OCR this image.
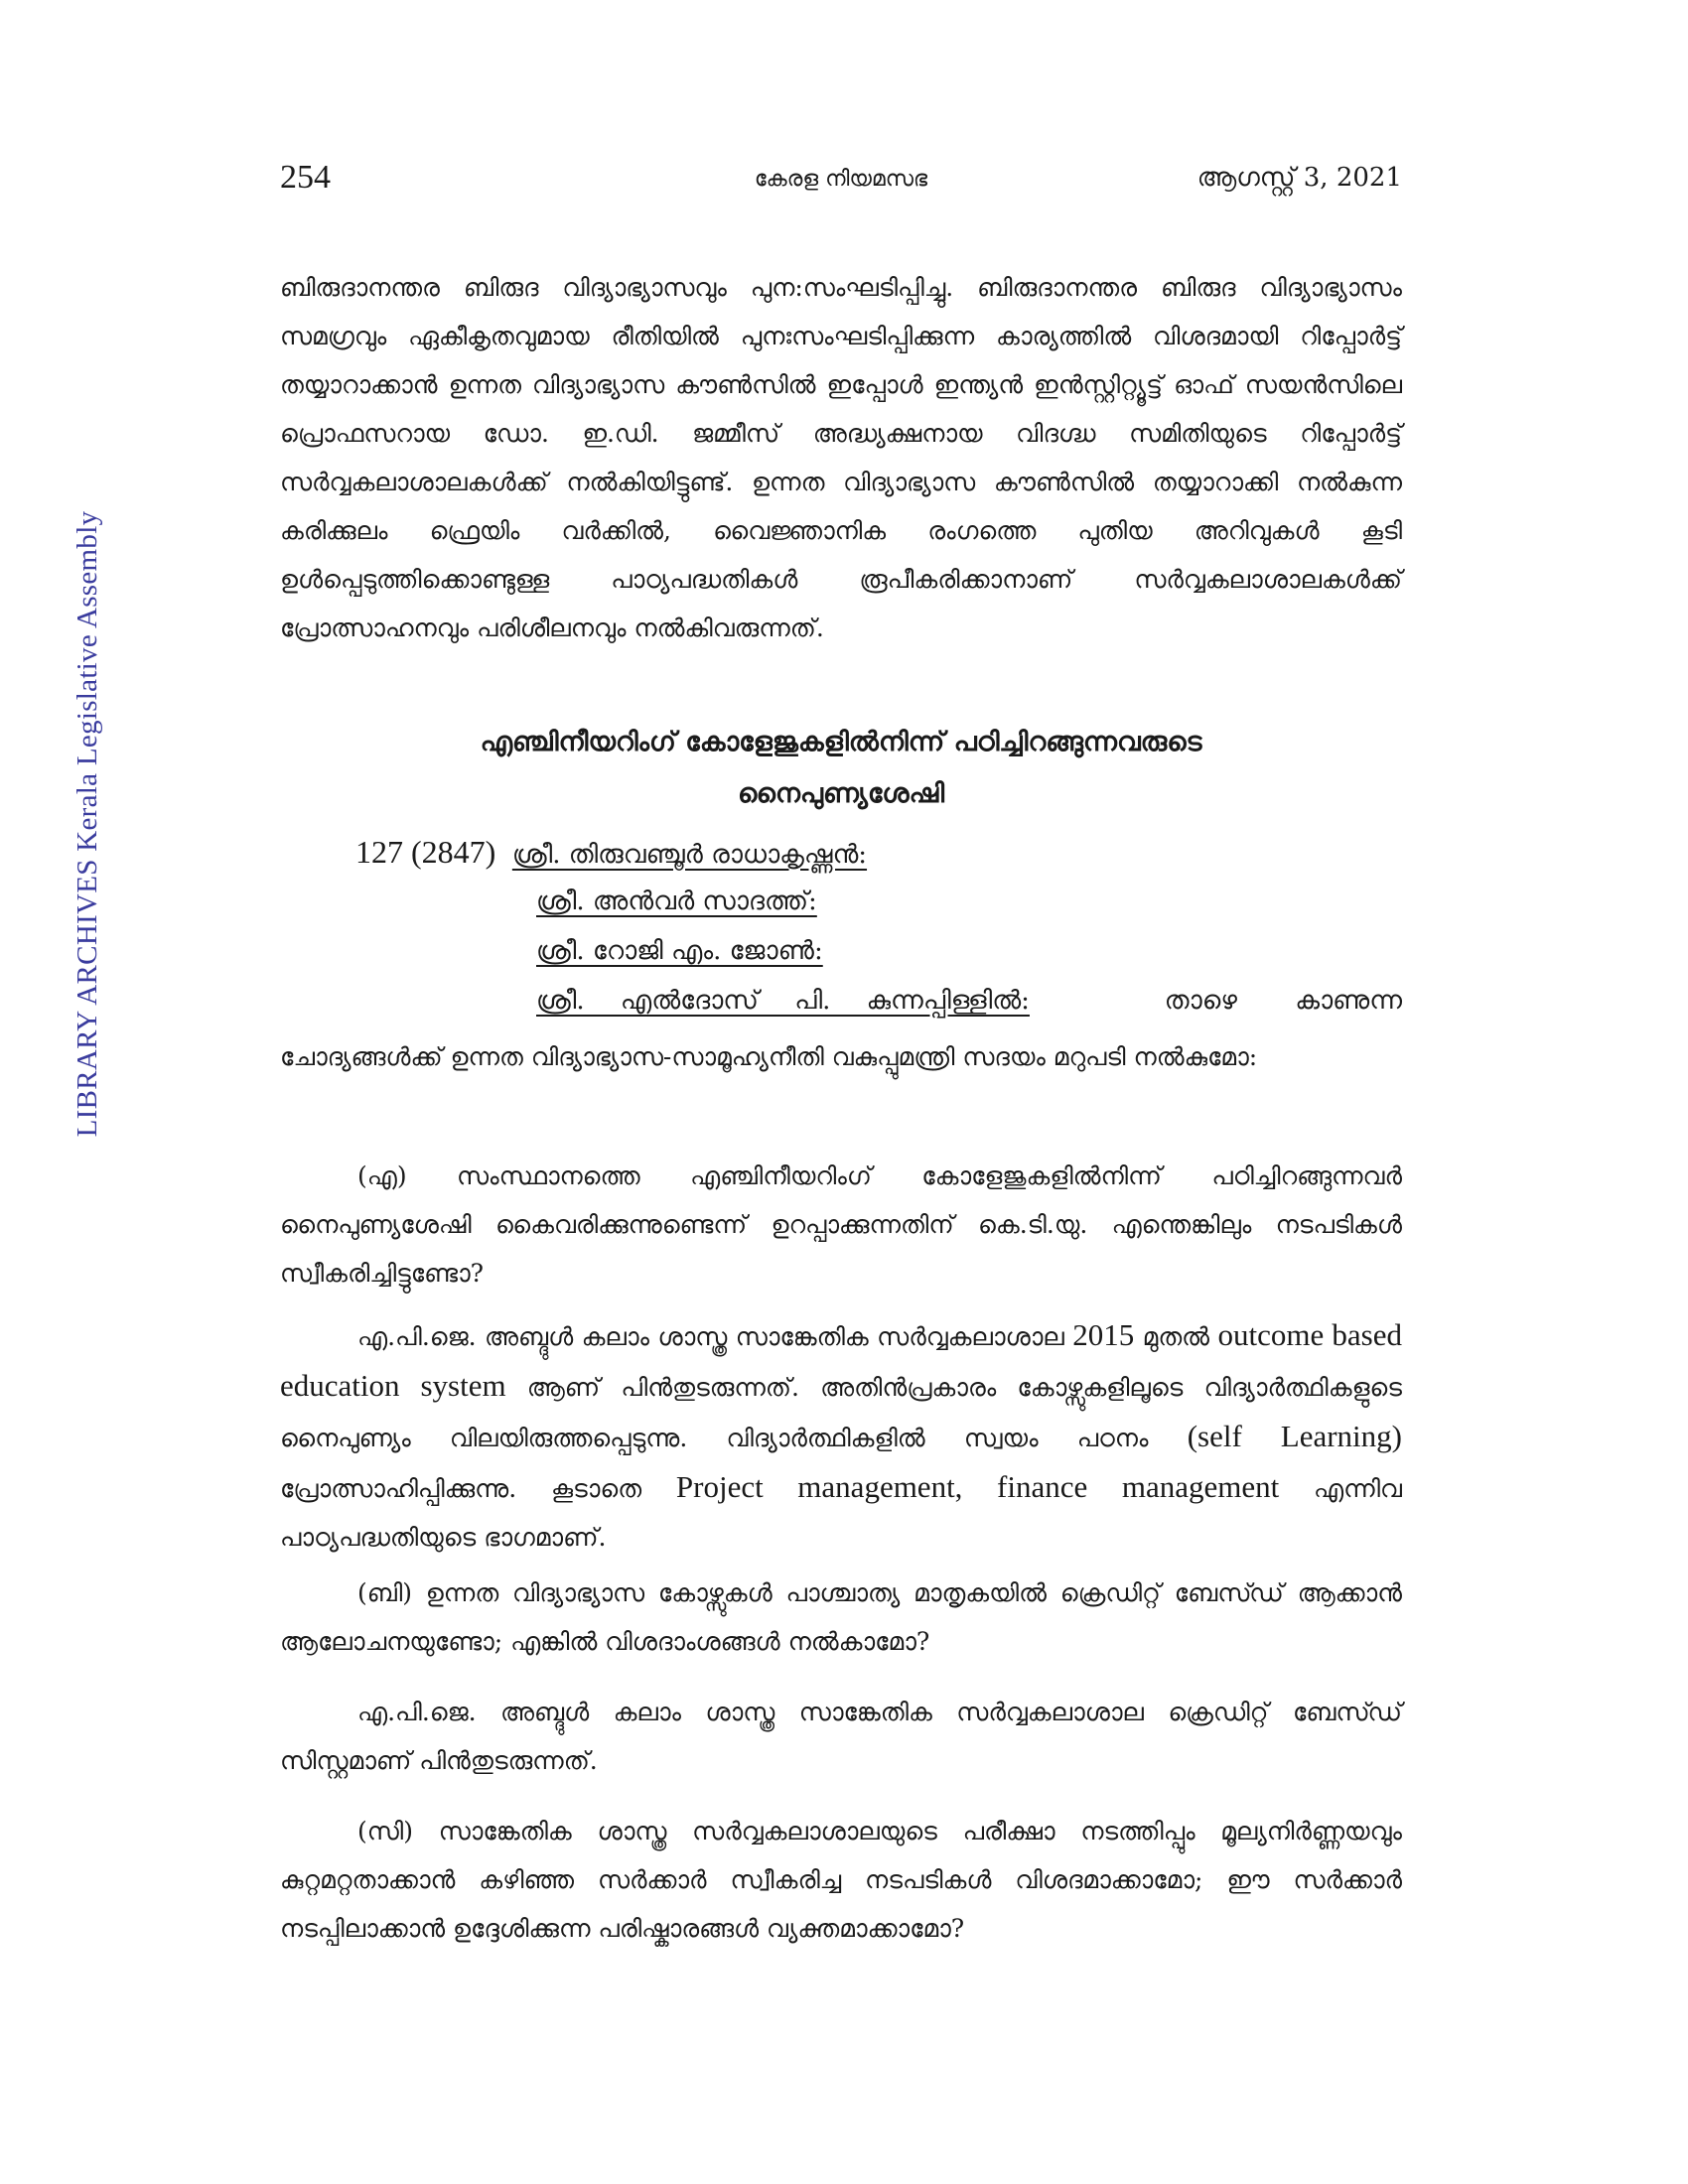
LIBRARY ARCHIVES Kerala Legislative Assembly
254	കേരള നിയമസഭ	ആഗസ്റ്റ് 3, 2021

ബിരുദാനന്തര ബിരുദ വിദ്യാഭ്യാസവും പുന:സംഘടിപ്പിച്ചു. ബിരുദാനന്തര ബിരുദ വിദ്യാഭ്യാസം സമഗ്രവും ഏകീകൃതവുമായ രീതിയിൽ പുനഃസംഘടിപ്പിക്കുന്ന കാര്യത്തിൽ വിശദമായി റിപ്പോർട്ട് തയ്യാറാക്കാൻ ഉന്നത വിദ്യാഭ്യാസ കൗൺസിൽ ഇപ്പോൾ ഇന്ത്യൻ ഇൻസ്റ്റിറ്റ്യൂട്ട് ഓഫ് സയൻസിലെ പ്രൊഫസറായ ഡോ. ഇ.ഡി. ജമ്മീസ് അദ്ധ്യക്ഷനായ വിദഗ്ദ്ധ സമിതിയുടെ റിപ്പോർട്ട് സർവ്വകലാശാലകൾക്ക് നൽകിയിട്ടുണ്ട്. ഉന്നത വിദ്യാഭ്യാസ കൗൺസിൽ തയ്യാറാക്കി നൽകുന്ന കരിക്കുലം ഫ്രെയിം വർക്കിൽ, വൈജ്ഞാനിക രംഗത്തെ പുതിയ അറിവുകൾ കൂടി ഉൾപ്പെടുത്തിക്കൊണ്ടുള്ള പാഠ്യപദ്ധതികൾ രൂപീകരിക്കാനാണ് സർവ്വകലാശാലകൾക്ക് പ്രോത്സാഹനവും പരിശീലനവും നൽകിവരുന്നത്.

എഞ്ചിനീയറിംഗ് കോളേജുകളിൽനിന്ന് പഠിച്ചിറങ്ങുന്നവരുടെ

നൈപുണ്യശേഷി

127 (2847) ശ്രീ. തിരുവഞ്ചൂർ രാധാകൃഷ്ണൻ:
ശ്രീ. അൻവർ സാദത്ത്:
ശ്രീ. റോജി എം. ജോൺ:
ശ്രീ. എൽദോസ് പി. കുന്നപ്പിള്ളിൽ:	താഴെ കാണുന്ന

ചോദ്യങ്ങൾക്ക് ഉന്നത വിദ്യാഭ്യാസ-സാമൂഹ്യനീതി വകുപ്പുമന്ത്രി സദയം മറുപടി നൽകുമോ:

(എ) സംസ്ഥാനത്തെ എഞ്ചിനീയറിംഗ് കോളേജുകളിൽനിന്ന് പഠിച്ചിറങ്ങുന്നവർ നൈപുണ്യശേഷി കൈവരിക്കുന്നുണ്ടെന്ന് ഉറപ്പാക്കുന്നതിന് കെ.ടി.യു. എന്തെങ്കിലും നടപടികൾ സ്വീകരിച്ചിട്ടുണ്ടോ?

എ.പി.ജെ. അബ്ദുൾ കലാം ശാസ്ത്ര സാങ്കേതിക സർവ്വകലാശാല 2015 മുതൽ outcome based education system ആണ് പിൻതുടരുന്നത്. അതിൻപ്രകാരം കോഴ്സുകളിലൂടെ വിദ്യാർത്ഥികളുടെ നൈപുണ്യം വിലയിരുത്തപ്പെടുന്നു. വിദ്യാർത്ഥികളിൽ സ്വയം പഠനം (self Learning) പ്രോത്സാഹിപ്പിക്കുന്നു. കൂടാതെ Project management, finance management എന്നിവ പാഠ്യപദ്ധതിയുടെ ഭാഗമാണ്.

(ബി) ഉന്നത വിദ്യാഭ്യാസ കോഴ്സുകൾ പാശ്ചാത്യ മാതൃകയിൽ ക്രെഡിറ്റ് ബേസ്ഡ് ആക്കാൻ ആലോചനയുണ്ടോ; എങ്കിൽ വിശദാംശങ്ങൾ നൽകാമോ?

എ.പി.ജെ. അബ്ദുൾ കലാം ശാസ്ത്ര സാങ്കേതിക സർവ്വകലാശാല ക്രെഡിറ്റ് ബേസ്ഡ് സിസ്റ്റമാണ് പിൻതുടരുന്നത്.

(സി) സാങ്കേതിക ശാസ്ത്ര സർവ്വകലാശാലയുടെ പരീക്ഷാ നടത്തിപ്പും മൂല്യനിർണ്ണയവും കുറ്റമറ്റതാക്കാൻ കഴിഞ്ഞ സർക്കാർ സ്വീകരിച്ച നടപടികൾ വിശദമാക്കാമോ; ഈ സർക്കാർ നടപ്പിലാക്കാൻ ഉദ്ദേശിക്കുന്ന പരിഷ്കാരങ്ങൾ വ്യക്തമാക്കാമോ?
